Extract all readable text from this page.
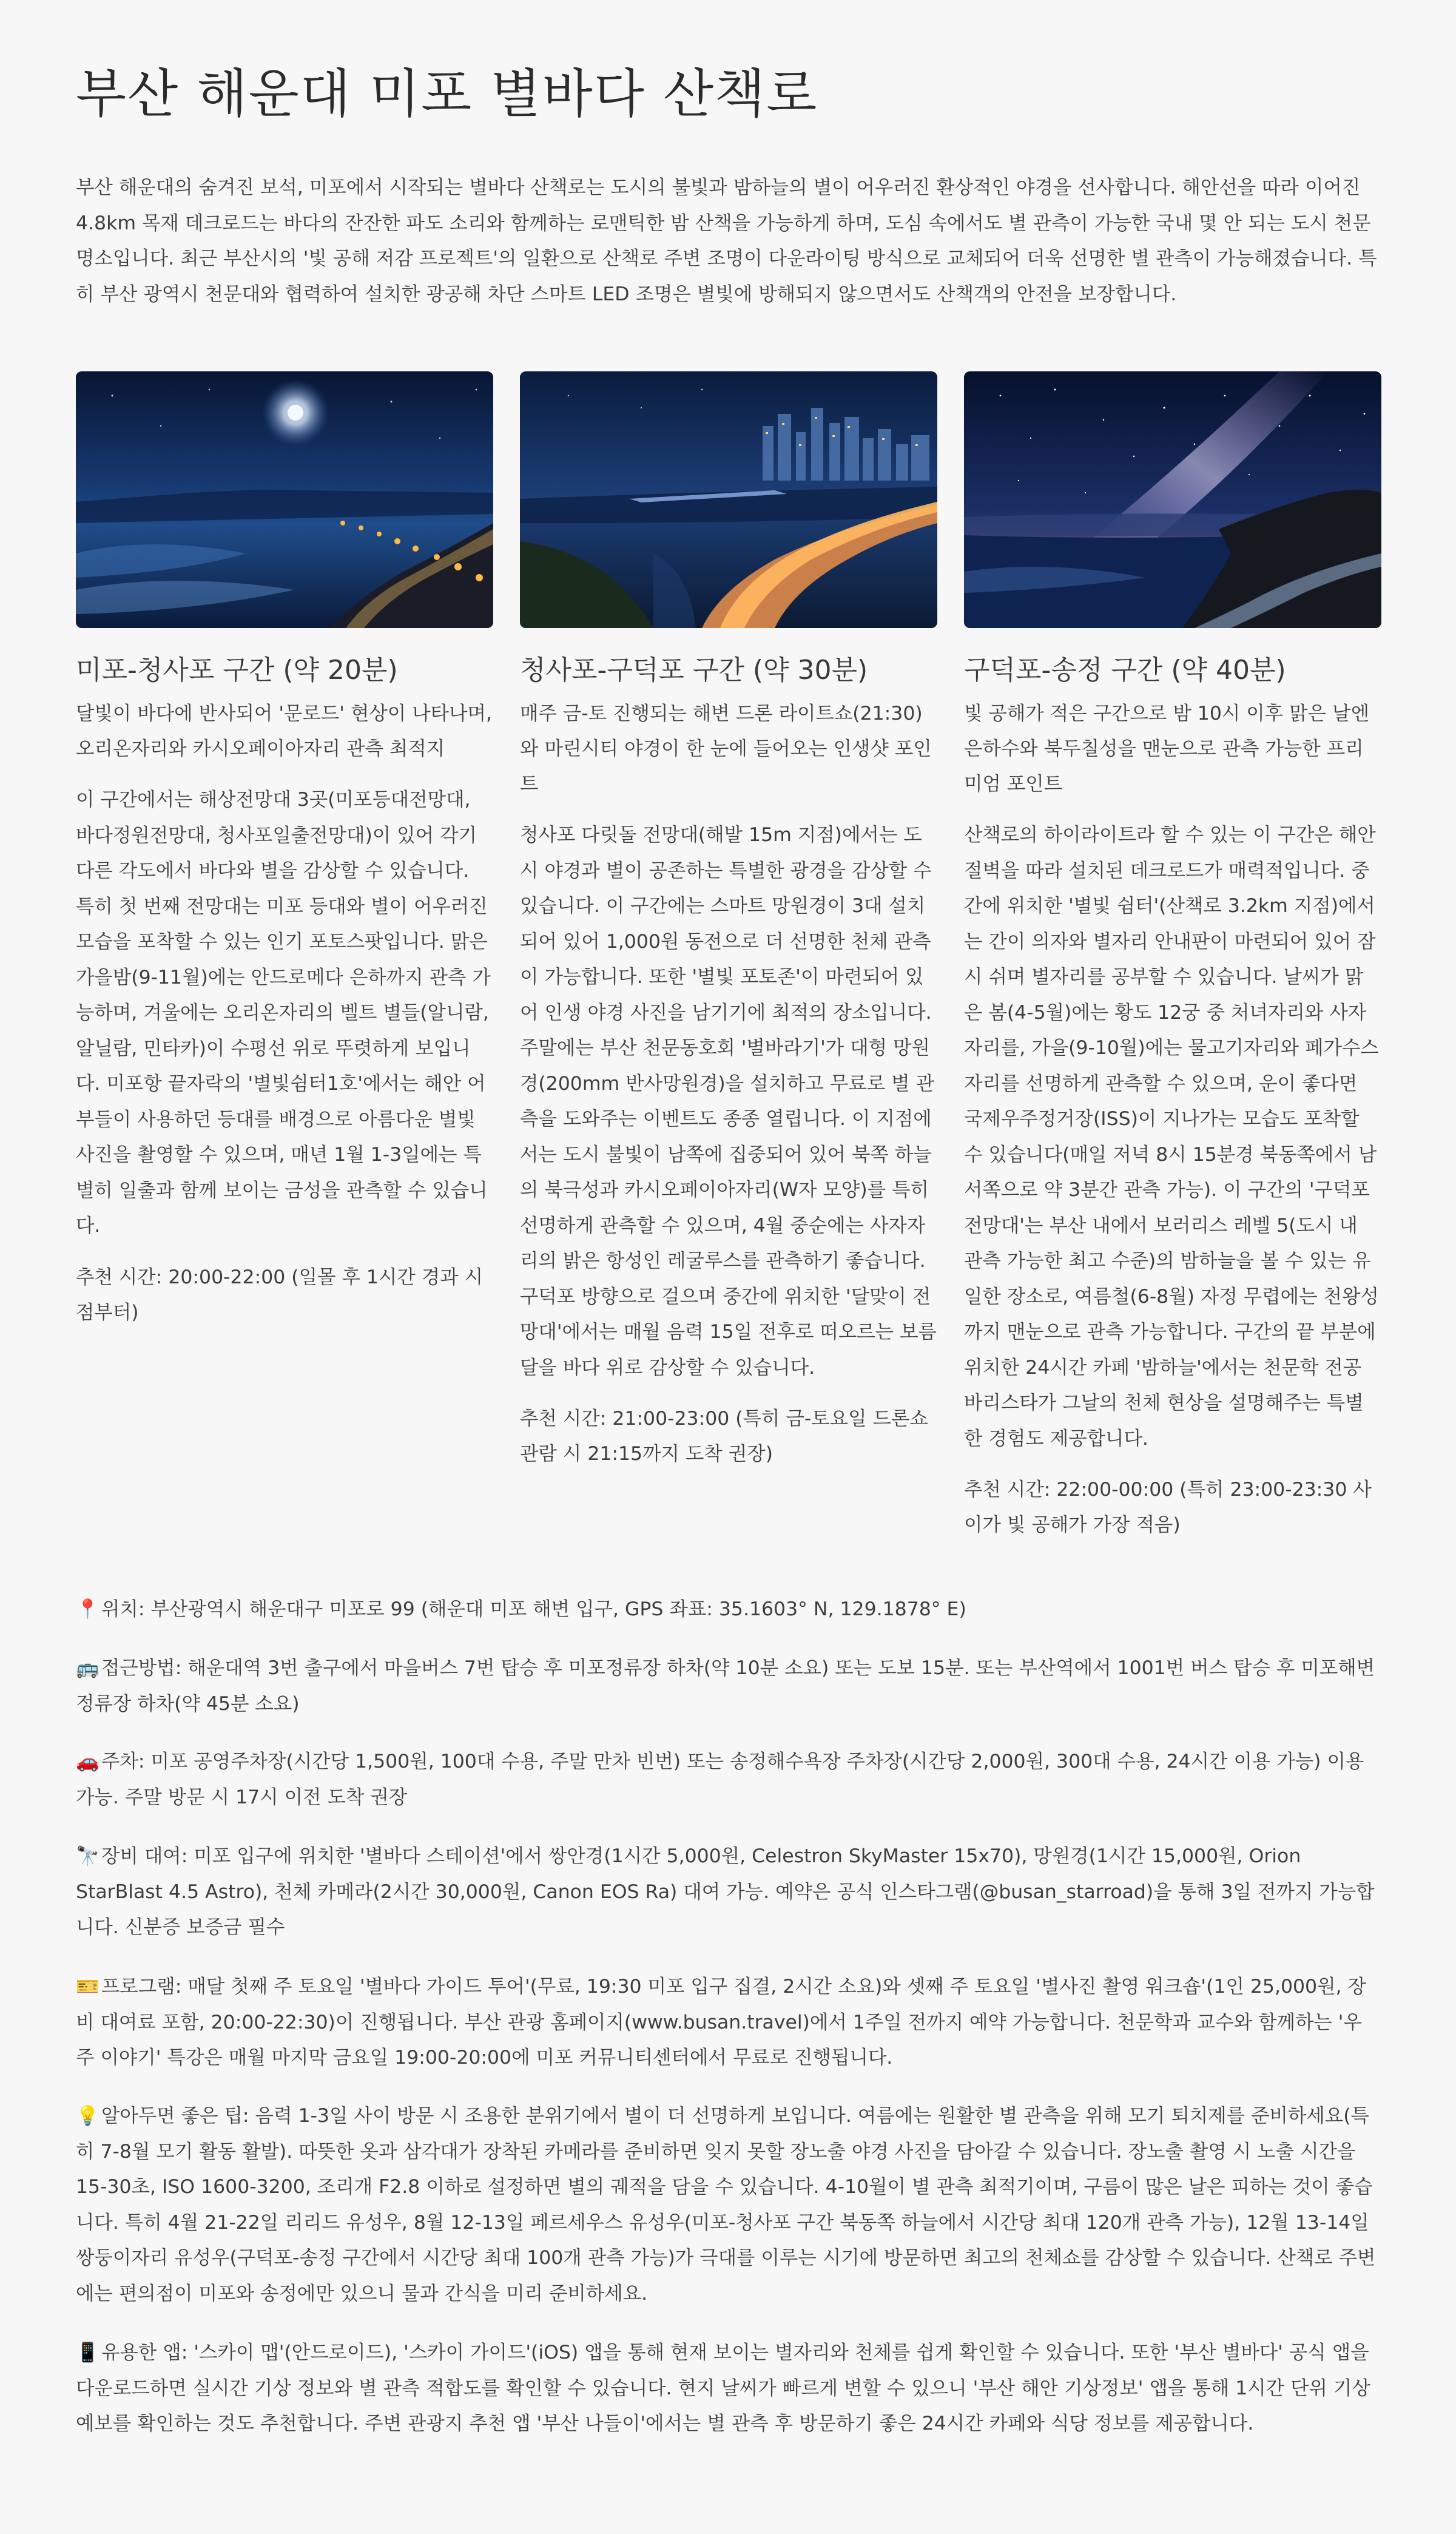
부산 해운대 미포 별바다 산책로

부산 해운대의 숨겨진 보석, 미포에서 시작되는 별바다 산책로는 도시의 불빛과 밤하늘의 별이 어우러진 환상적인 야경을 선사합니다. 해안선을 따라 이어진 4.8km 목재 데크로드는 바다의 잔잔한 파도 소리와 함께하는 로맨틱한 밤 산책을 가능하게 하며, 도심 속에서도 별 관측이 가능한 국내 몇 안 되는 도시 천문 명소입니다. 최근 부산시의 '빛 공해 저감 프로젝트'의 일환으로 산책로 주변 조명이 다운라이팅 방식으로 교체되어 더욱 선명한 별 관측이 가능해졌습니다. 특히 부산 광역시 천문대와 협력하여 설치한 광공해 차단 스마트 LED 조명은 별빛에 방해되지 않으면서도 산책객의 안전을 보장합니다.

미포-청사포 구간 (약 20분)

달빛이 바다에 반사되어 '문로드' 현상이 나타나며, 오리온자리와 카시오페이아자리 관측 최적지

이 구간에서는 해상전망대 3곳(미포등대전망대, 바다정원전망대, 청사포일출전망대)이 있어 각기 다른 각도에서 바다와 별을 감상할 수 있습니다. 특히 첫 번째 전망대는 미포 등대와 별이 어우러진 모습을 포착할 수 있는 인기 포토스팟입니다. 맑은 가을밤(9-11월)에는 안드로메다 은하까지 관측 가능하며, 겨울에는 오리온자리의 벨트 별들(알니람, 알닐람, 민타카)이 수평선 위로 뚜렷하게 보입니다. 미포항 끝자락의 '별빛쉼터1호'에서는 해안 어부들이 사용하던 등대를 배경으로 아름다운 별빛 사진을 촬영할 수 있으며, 매년 1월 1-3일에는 특별히 일출과 함께 보이는 금성을 관측할 수 있습니다.

추천 시간: 20:00-22:00 (일몰 후 1시간 경과 시점부터)

청사포-구덕포 구간 (약 30분)

매주 금-토 진행되는 해변 드론 라이트쇼(21:30)와 마린시티 야경이 한 눈에 들어오는 인생샷 포인트

청사포 다릿돌 전망대(해발 15m 지점)에서는 도시 야경과 별이 공존하는 특별한 광경을 감상할 수 있습니다. 이 구간에는 스마트 망원경이 3대 설치되어 있어 1,000원 동전으로 더 선명한 천체 관측이 가능합니다. 또한 '별빛 포토존'이 마련되어 있어 인생 야경 사진을 남기기에 최적의 장소입니다. 주말에는 부산 천문동호회 '별바라기'가 대형 망원경(200mm 반사망원경)을 설치하고 무료로 별 관측을 도와주는 이벤트도 종종 열립니다. 이 지점에서는 도시 불빛이 남쪽에 집중되어 있어 북쪽 하늘의 북극성과 카시오페이아자리(W자 모양)를 특히 선명하게 관측할 수 있으며, 4월 중순에는 사자자리의 밝은 항성인 레굴루스를 관측하기 좋습니다. 구덕포 방향으로 걸으며 중간에 위치한 '달맞이 전망대'에서는 매월 음력 15일 전후로 떠오르는 보름달을 바다 위로 감상할 수 있습니다.

추천 시간: 21:00-23:00 (특히 금-토요일 드론쇼 관람 시 21:15까지 도착 권장)

구덕포-송정 구간 (약 40분)

빛 공해가 적은 구간으로 밤 10시 이후 맑은 날엔 은하수와 북두칠성을 맨눈으로 관측 가능한 프리미엄 포인트

산책로의 하이라이트라 할 수 있는 이 구간은 해안절벽을 따라 설치된 데크로드가 매력적입니다. 중간에 위치한 '별빛 쉼터'(산책로 3.2km 지점)에서는 간이 의자와 별자리 안내판이 마련되어 있어 잠시 쉬며 별자리를 공부할 수 있습니다. 날씨가 맑은 봄(4-5월)에는 황도 12궁 중 처녀자리와 사자자리를, 가을(9-10월)에는 물고기자리와 페가수스자리를 선명하게 관측할 수 있으며, 운이 좋다면 국제우주정거장(ISS)이 지나가는 모습도 포착할 수 있습니다(매일 저녁 8시 15분경 북동쪽에서 남서쪽으로 약 3분간 관측 가능). 이 구간의 '구덕포 전망대'는 부산 내에서 보러리스 레벨 5(도시 내 관측 가능한 최고 수준)의 밤하늘을 볼 수 있는 유일한 장소로, 여름철(6-8월) 자정 무렵에는 천왕성까지 맨눈으로 관측 가능합니다. 구간의 끝 부분에 위치한 24시간 카페 '밤하늘'에서는 천문학 전공 바리스타가 그날의 천체 현상을 설명해주는 특별한 경험도 제공합니다.

추천 시간: 22:00-00:00 (특히 23:00-23:30 사이가 빛 공해가 가장 적음)

📍 위치: 부산광역시 해운대구 미포로 99 (해운대 미포 해변 입구, GPS 좌표: 35.1603° N, 129.1878° E)

🚌 접근방법: 해운대역 3번 출구에서 마을버스 7번 탑승 후 미포정류장 하차(약 10분 소요) 또는 도보 15분. 또는 부산역에서 1001번 버스 탑승 후 미포해변 정류장 하차(약 45분 소요)

🚗 주차: 미포 공영주차장(시간당 1,500원, 100대 수용, 주말 만차 빈번) 또는 송정해수욕장 주차장(시간당 2,000원, 300대 수용, 24시간 이용 가능) 이용 가능. 주말 방문 시 17시 이전 도착 권장

🔭 장비 대여: 미포 입구에 위치한 '별바다 스테이션'에서 쌍안경(1시간 5,000원, Celestron SkyMaster 15x70), 망원경(1시간 15,000원, Orion StarBlast 4.5 Astro), 천체 카메라(2시간 30,000원, Canon EOS Ra) 대여 가능. 예약은 공식 인스타그램(@busan_starroad)을 통해 3일 전까지 가능합니다. 신분증 보증금 필수

🎫 프로그램: 매달 첫째 주 토요일 '별바다 가이드 투어'(무료, 19:30 미포 입구 집결, 2시간 소요)와 셋째 주 토요일 '별사진 촬영 워크숍'(1인 25,000원, 장비 대여료 포함, 20:00-22:30)이 진행됩니다. 부산 관광 홈페이지(www.busan.travel)에서 1주일 전까지 예약 가능합니다. 천문학과 교수와 함께하는 '우주 이야기' 특강은 매월 마지막 금요일 19:00-20:00에 미포 커뮤니티센터에서 무료로 진행됩니다.

💡 알아두면 좋은 팁: 음력 1-3일 사이 방문 시 조용한 분위기에서 별이 더 선명하게 보입니다. 여름에는 원활한 별 관측을 위해 모기 퇴치제를 준비하세요(특히 7-8월 모기 활동 활발). 따뜻한 옷과 삼각대가 장착된 카메라를 준비하면 잊지 못할 장노출 야경 사진을 담아갈 수 있습니다. 장노출 촬영 시 노출 시간을 15-30초, ISO 1600-3200, 조리개 F2.8 이하로 설정하면 별의 궤적을 담을 수 있습니다. 4-10월이 별 관측 최적기이며, 구름이 많은 날은 피하는 것이 좋습니다. 특히 4월 21-22일 리리드 유성우, 8월 12-13일 페르세우스 유성우(미포-청사포 구간 북동쪽 하늘에서 시간당 최대 120개 관측 가능), 12월 13-14일 쌍둥이자리 유성우(구덕포-송정 구간에서 시간당 최대 100개 관측 가능)가 극대를 이루는 시기에 방문하면 최고의 천체쇼를 감상할 수 있습니다. 산책로 주변에는 편의점이 미포와 송정에만 있으니 물과 간식을 미리 준비하세요.

📱 유용한 앱: '스카이 맵'(안드로이드), '스카이 가이드'(iOS) 앱을 통해 현재 보이는 별자리와 천체를 쉽게 확인할 수 있습니다. 또한 '부산 별바다' 공식 앱을 다운로드하면 실시간 기상 정보와 별 관측 적합도를 확인할 수 있습니다. 현지 날씨가 빠르게 변할 수 있으니 '부산 해안 기상정보' 앱을 통해 1시간 단위 기상 예보를 확인하는 것도 추천합니다. 주변 관광지 추천 앱 '부산 나들이'에서는 별 관측 후 방문하기 좋은 24시간 카페와 식당 정보를 제공합니다.
